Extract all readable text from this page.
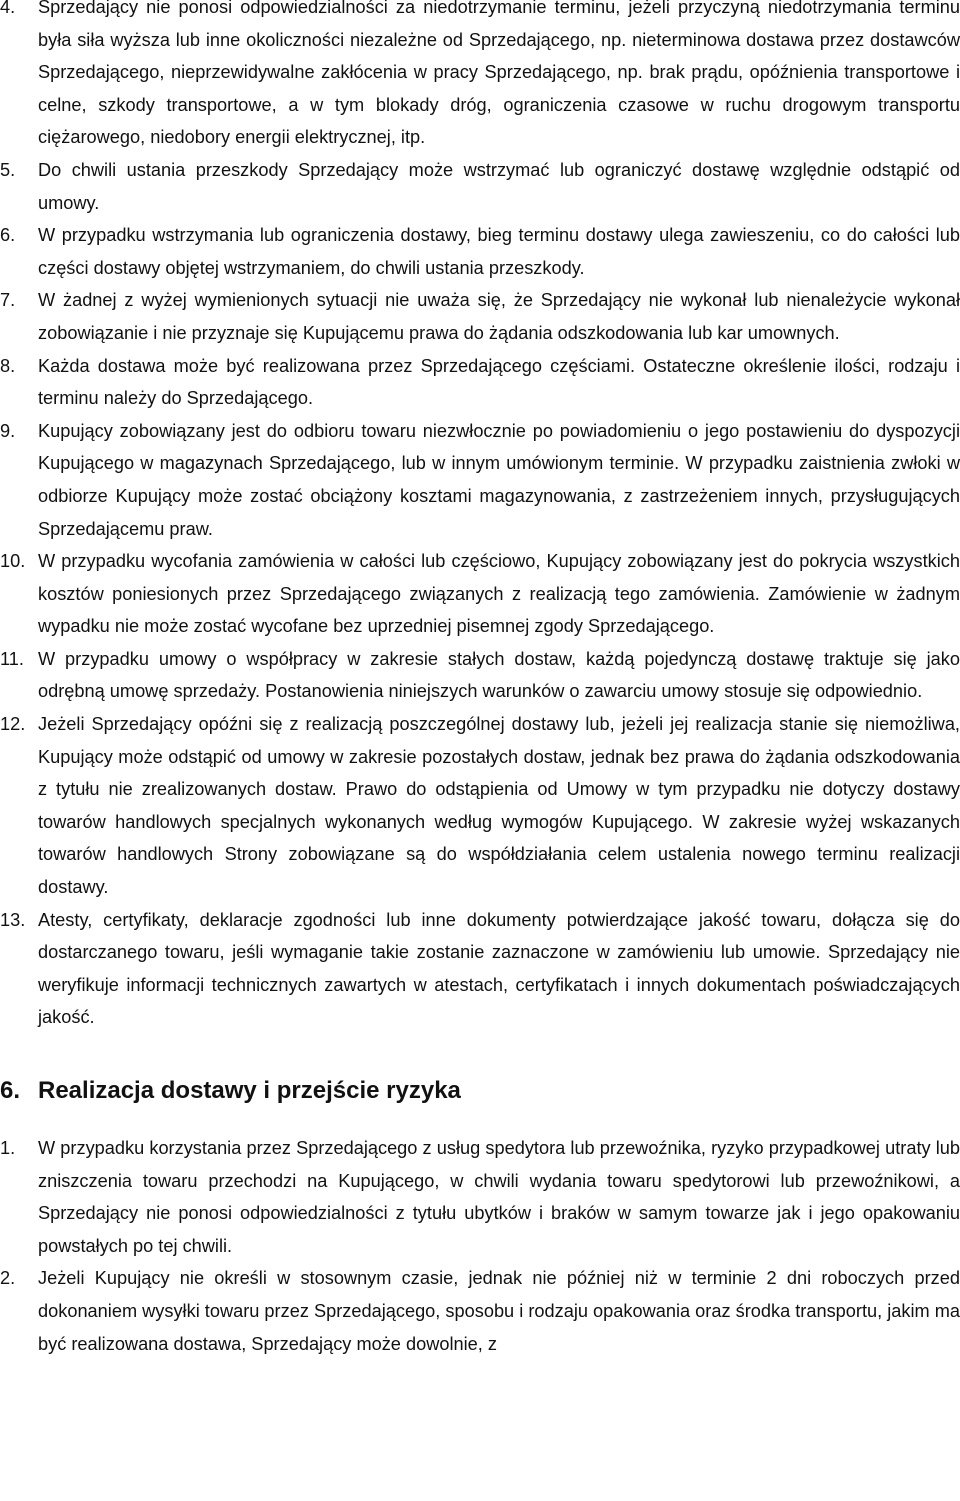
4.	Sprzedający nie ponosi odpowiedzialności za niedotrzymanie terminu, jeżeli przyczyną niedotrzymania terminu była siła wyższa lub inne okoliczności niezależne od Sprzedającego, np. nieterminowa dostawa przez dostawców Sprzedającego, nieprzewidywalne zakłócenia w pracy Sprzedającego, np. brak prądu, opóźnienia transportowe i celne, szkody transportowe, a w tym blokady dróg, ograniczenia czasowe w ruchu drogowym transportu ciężarowego, niedobory energii elektrycznej, itp.
5.	Do chwili ustania przeszkody Sprzedający może wstrzymać lub ograniczyć dostawę względnie odstąpić od umowy.
6.	W przypadku wstrzymania lub ograniczenia dostawy, bieg terminu dostawy ulega zawieszeniu, co do całości lub części dostawy objętej wstrzymaniem, do chwili ustania przeszkody.
7.	W żadnej z wyżej wymienionych sytuacji nie uważa się, że Sprzedający nie wykonał lub nienależycie wykonał zobowiązanie i nie przyznaje się Kupującemu prawa do żądania odszkodowania lub kar umownych.
8.	Każda dostawa może być realizowana przez Sprzedającego częściami. Ostateczne określenie ilości, rodzaju i terminu należy do Sprzedającego.
9.	Kupujący zobowiązany jest do odbioru towaru niezwłocznie po powiadomieniu o jego postawieniu do dyspozycji Kupującego w magazynach Sprzedającego, lub w innym umówionym terminie. W przypadku zaistnienia zwłoki w odbiorze Kupujący może zostać obciążony kosztami magazynowania, z zastrzeżeniem innych, przysługujących Sprzedającemu praw.
10. W przypadku wycofania zamówienia w całości lub częściowo, Kupujący zobowiązany jest do pokrycia wszystkich kosztów poniesionych przez Sprzedającego związanych z realizacją tego zamówienia. Zamówienie w żadnym wypadku nie może zostać wycofane bez uprzedniej pisemnej zgody Sprzedającego.
11. W przypadku umowy o współpracy w zakresie stałych dostaw, każdą pojedynczą dostawę traktuje się jako odrębną umowę sprzedaży. Postanowienia niniejszych warunków o zawarciu umowy stosuje się odpowiednio.
12. Jeżeli Sprzedający opóźni się z realizacją poszczególnej dostawy lub, jeżeli jej realizacja stanie się niemożliwa, Kupujący może odstąpić od umowy w zakresie pozostałych dostaw, jednak bez prawa do żądania odszkodowania z tytułu nie zrealizowanych dostaw. Prawo do odstąpienia od Umowy w tym przypadku nie dotyczy dostawy towarów handlowych specjalnych wykonanych według wymogów Kupującego. W zakresie wyżej wskazanych towarów handlowych Strony zobowiązane są do współdziałania celem ustalenia nowego terminu realizacji dostawy.
13. Atesty, certyfikaty, deklaracje zgodności lub inne dokumenty potwierdzające jakość towaru, dołącza się do dostarczanego towaru, jeśli wymaganie takie zostanie zaznaczone w zamówieniu lub umowie. Sprzedający nie weryfikuje informacji technicznych zawartych w atestach, certyfikatach i innych dokumentach poświadczających jakość.
6. Realizacja dostawy i przejście ryzyka
1.	W przypadku korzystania przez Sprzedającego z usług spedytora lub przewoźnika, ryzyko przypadkowej utraty lub zniszczenia towaru przechodzi na Kupującego, w chwili wydania towaru spedytorowi lub przewoźnikowi, a Sprzedający nie ponosi odpowiedzialności z tytułu ubytków i braków w samym towarze jak i jego opakowaniu powstałych po tej chwili.
2.	Jeżeli Kupujący nie określi w stosownym czasie, jednak nie później niż w terminie 2 dni roboczych przed dokonaniem wysyłki towaru przez Sprzedającego, sposobu i rodzaju opakowania oraz środka transportu, jakim ma być realizowana dostawa, Sprzedający może dowolnie, z
